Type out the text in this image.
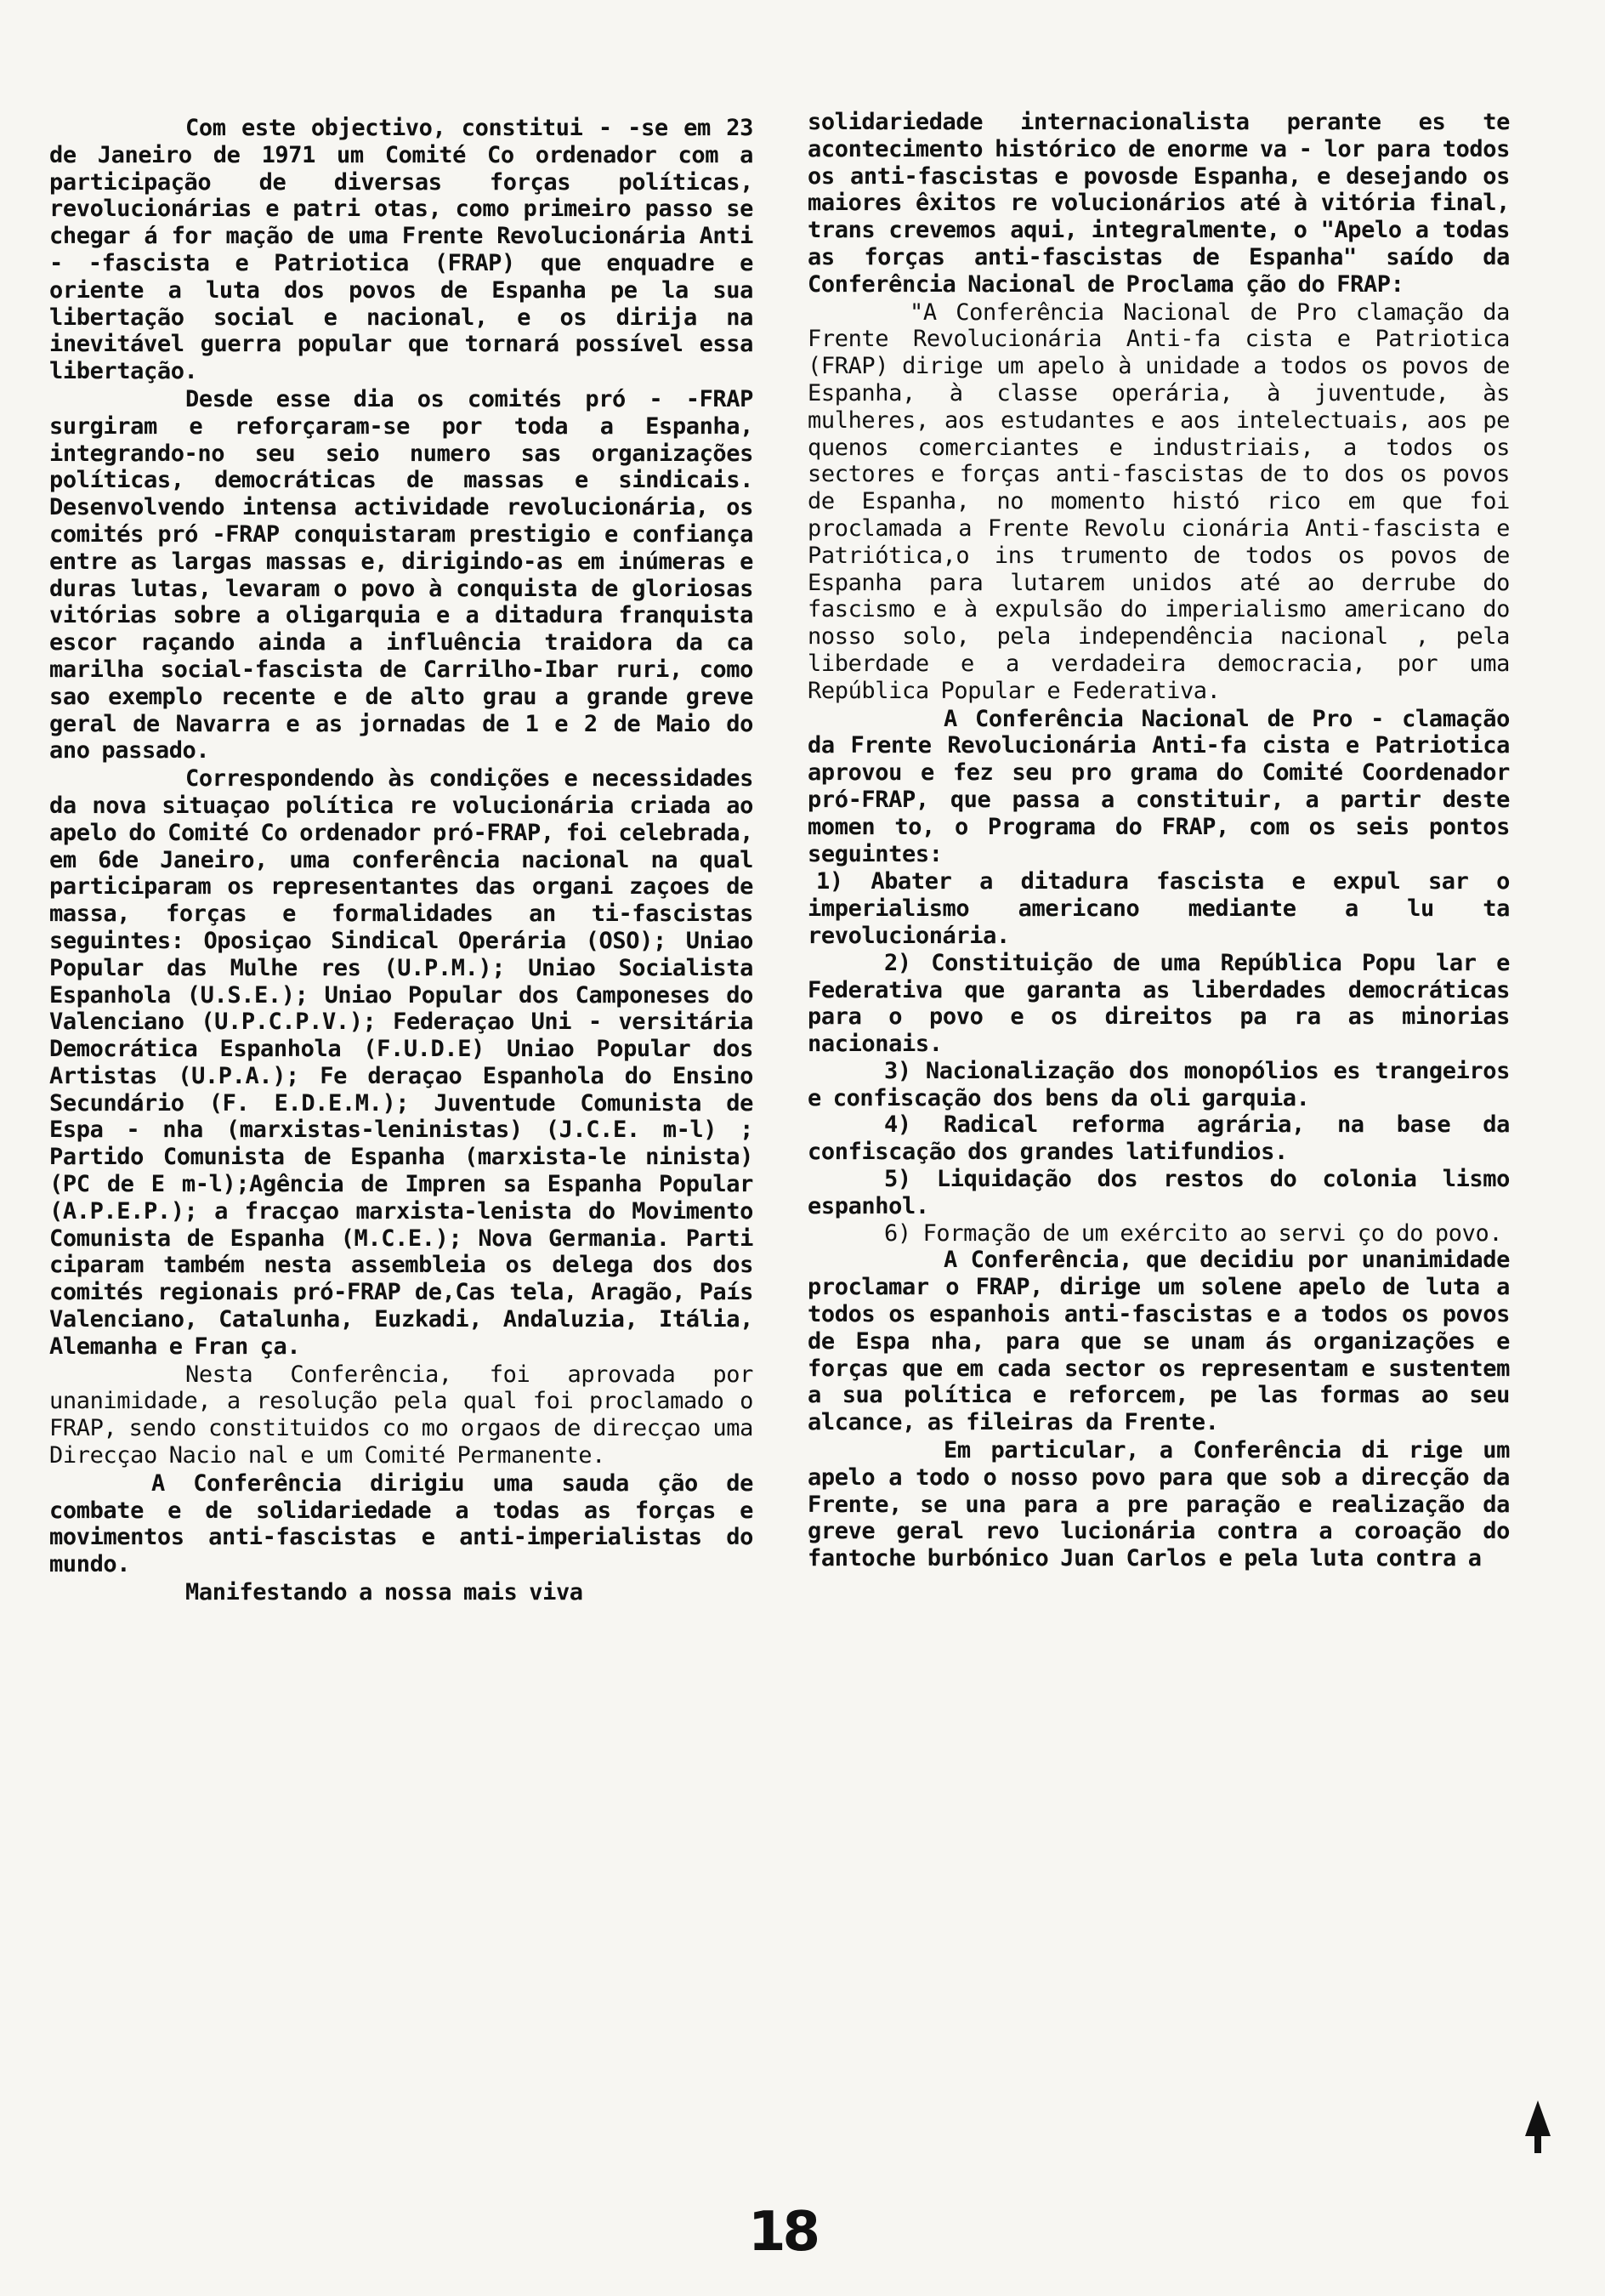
Com este objectivo, constitui - -se em 23 de Janeiro de 1971 um Comité Co ordenador com a participação de diversas forças políticas, revolucionárias e patri otas, como primeiro passo se chegar á for mação de uma Frente Revolucionária Anti - -fascista e Patriotica (FRAP) que enquadre e oriente a luta dos povos de Espanha pe la sua libertação social e nacional, e os dirija na inevitável guerra popular que tornará possível essa libertação.

Desde esse dia os comités pró - -FRAP surgiram e reforçaram-se por toda a Espanha, integrando-no seu seio numero sas organizações políticas, democráticas de massas e sindicais. Desenvolvendo intensa actividade revolucionária, os comités pró -FRAP conquistaram prestigio e confiança entre as largas massas e, dirigindo-as em inúmeras e duras lutas, levaram o povo à conquista de gloriosas vitórias sobre a oligarquia e a ditadura franquista escor raçando ainda a influência traidora da ca marilha social-fascista de Carrilho-Ibar ruri, como sao exemplo recente e de alto grau a grande greve geral de Navarra e as jornadas de 1 e 2 de Maio do ano passado.

Correspondendo às condições e necessidades da nova situaçao política re volucionária criada ao apelo do Comité Co ordenador pró-FRAP, foi celebrada, em 6de Janeiro, uma conferência nacional na qual participaram os representantes das organi zaçoes de massa, forças e formalidades an ti-fascistas seguintes: Oposiçao Sindical Operária (OSO); Uniao Popular das Mulhe res (U.P.M.); Uniao Socialista Espanhola (U.S.E.); Uniao Popular dos Camponeses do Valenciano (U.P.C.P.V.); Federaçao Uni - versitária Democrática Espanhola (F.U.D.E) Uniao Popular dos Artistas (U.P.A.); Fe deraçao Espanhola do Ensino Secundário (F. E.D.E.M.); Juventude Comunista de Espa - nha (marxistas-leninistas) (J.C.E. m-l) ; Partido Comunista de Espanha (marxista-le ninista) (PC de E m-l);Agência de Impren sa Espanha Popular (A.P.E.P.); a fracçao marxista-lenista do Movimento Comunista de Espanha (M.C.E.); Nova Germania. Parti ciparam também nesta assembleia os delega dos dos comités regionais pró-FRAP de,Cas tela, Aragão, País Valenciano, Catalunha, Euzkadi, Andaluzia, Itália, Alemanha e Fran ça.

Nesta Conferência, foi aprovada por unanimidade, a resolução pela qual foi proclamado o FRAP, sendo constituidos co mo orgaos de direcçao uma Direcçao Nacio nal e um Comité Permanente.

A Conferência dirigiu uma sauda ção de combate e de solidariedade a todas as forças e movimentos anti-fascistas e anti-imperialistas do mundo.

Manifestando a nossa mais viva

solidariedade internacionalista perante es te acontecimento histórico de enorme va - lor para todos os anti-fascistas e povosde Espanha, e desejando os maiores êxitos re volucionários até à vitória final, trans crevemos aqui, integralmente, o "Apelo a todas as forças anti-fascistas de Espanha" saído da Conferência Nacional de Proclama ção do FRAP:

"A Conferência Nacional de Pro clamação da Frente Revolucionária Anti-fa cista e Patriotica (FRAP) dirige um apelo à unidade a todos os povos de Espanha, à classe operária, à juventude, às mulheres, aos estudantes e aos intelectuais, aos pe quenos comerciantes e industriais, a todos os sectores e forças anti-fascistas de to dos os povos de Espanha, no momento histó rico em que foi proclamada a Frente Revolu cionária Anti-fascista e Patriótica,o ins trumento de todos os povos de Espanha para lutarem unidos até ao derrube do fascismo e à expulsão do imperialismo americano do nosso solo, pela independência nacional , pela liberdade e a verdadeira democracia, por uma República Popular e Federativa.

A Conferência Nacional de Pro - clamação da Frente Revolucionária Anti-fa cista e Patriotica aprovou e fez seu pro grama do Comité Coordenador pró-FRAP, que passa a constituir, a partir deste momen to, o Programa do FRAP, com os seis pontos seguintes:

1) Abater a ditadura fascista e expul sar o imperialismo americano mediante a lu ta revolucionária.

2) Constituição de uma República Popu lar e Federativa que garanta as liberdades democráticas para o povo e os direitos pa ra as minorias nacionais.

3) Nacionalização dos monopólios es trangeiros e confiscação dos bens da oli garquia.

4) Radical reforma agrária, na base da confiscação dos grandes latifundios.

5) Liquidação dos restos do colonia lismo espanhol.

6) Formação de um exército ao servi ço do povo.

A Conferência, que decidiu por unanimidade proclamar o FRAP, dirige um solene apelo de luta a todos os espanhois anti-fascistas e a todos os povos de Espa nha, para que se unam ás organizações e forças que em cada sector os representam e sustentem a sua política e reforcem, pe las formas ao seu alcance, as fileiras da Frente.

Em particular, a Conferência di rige um apelo a todo o nosso povo para que sob a direcção da Frente, se una para a pre paração e realização da greve geral revo lucionária contra a coroação do fantoche burbónico Juan Carlos e pela luta contra a

18
